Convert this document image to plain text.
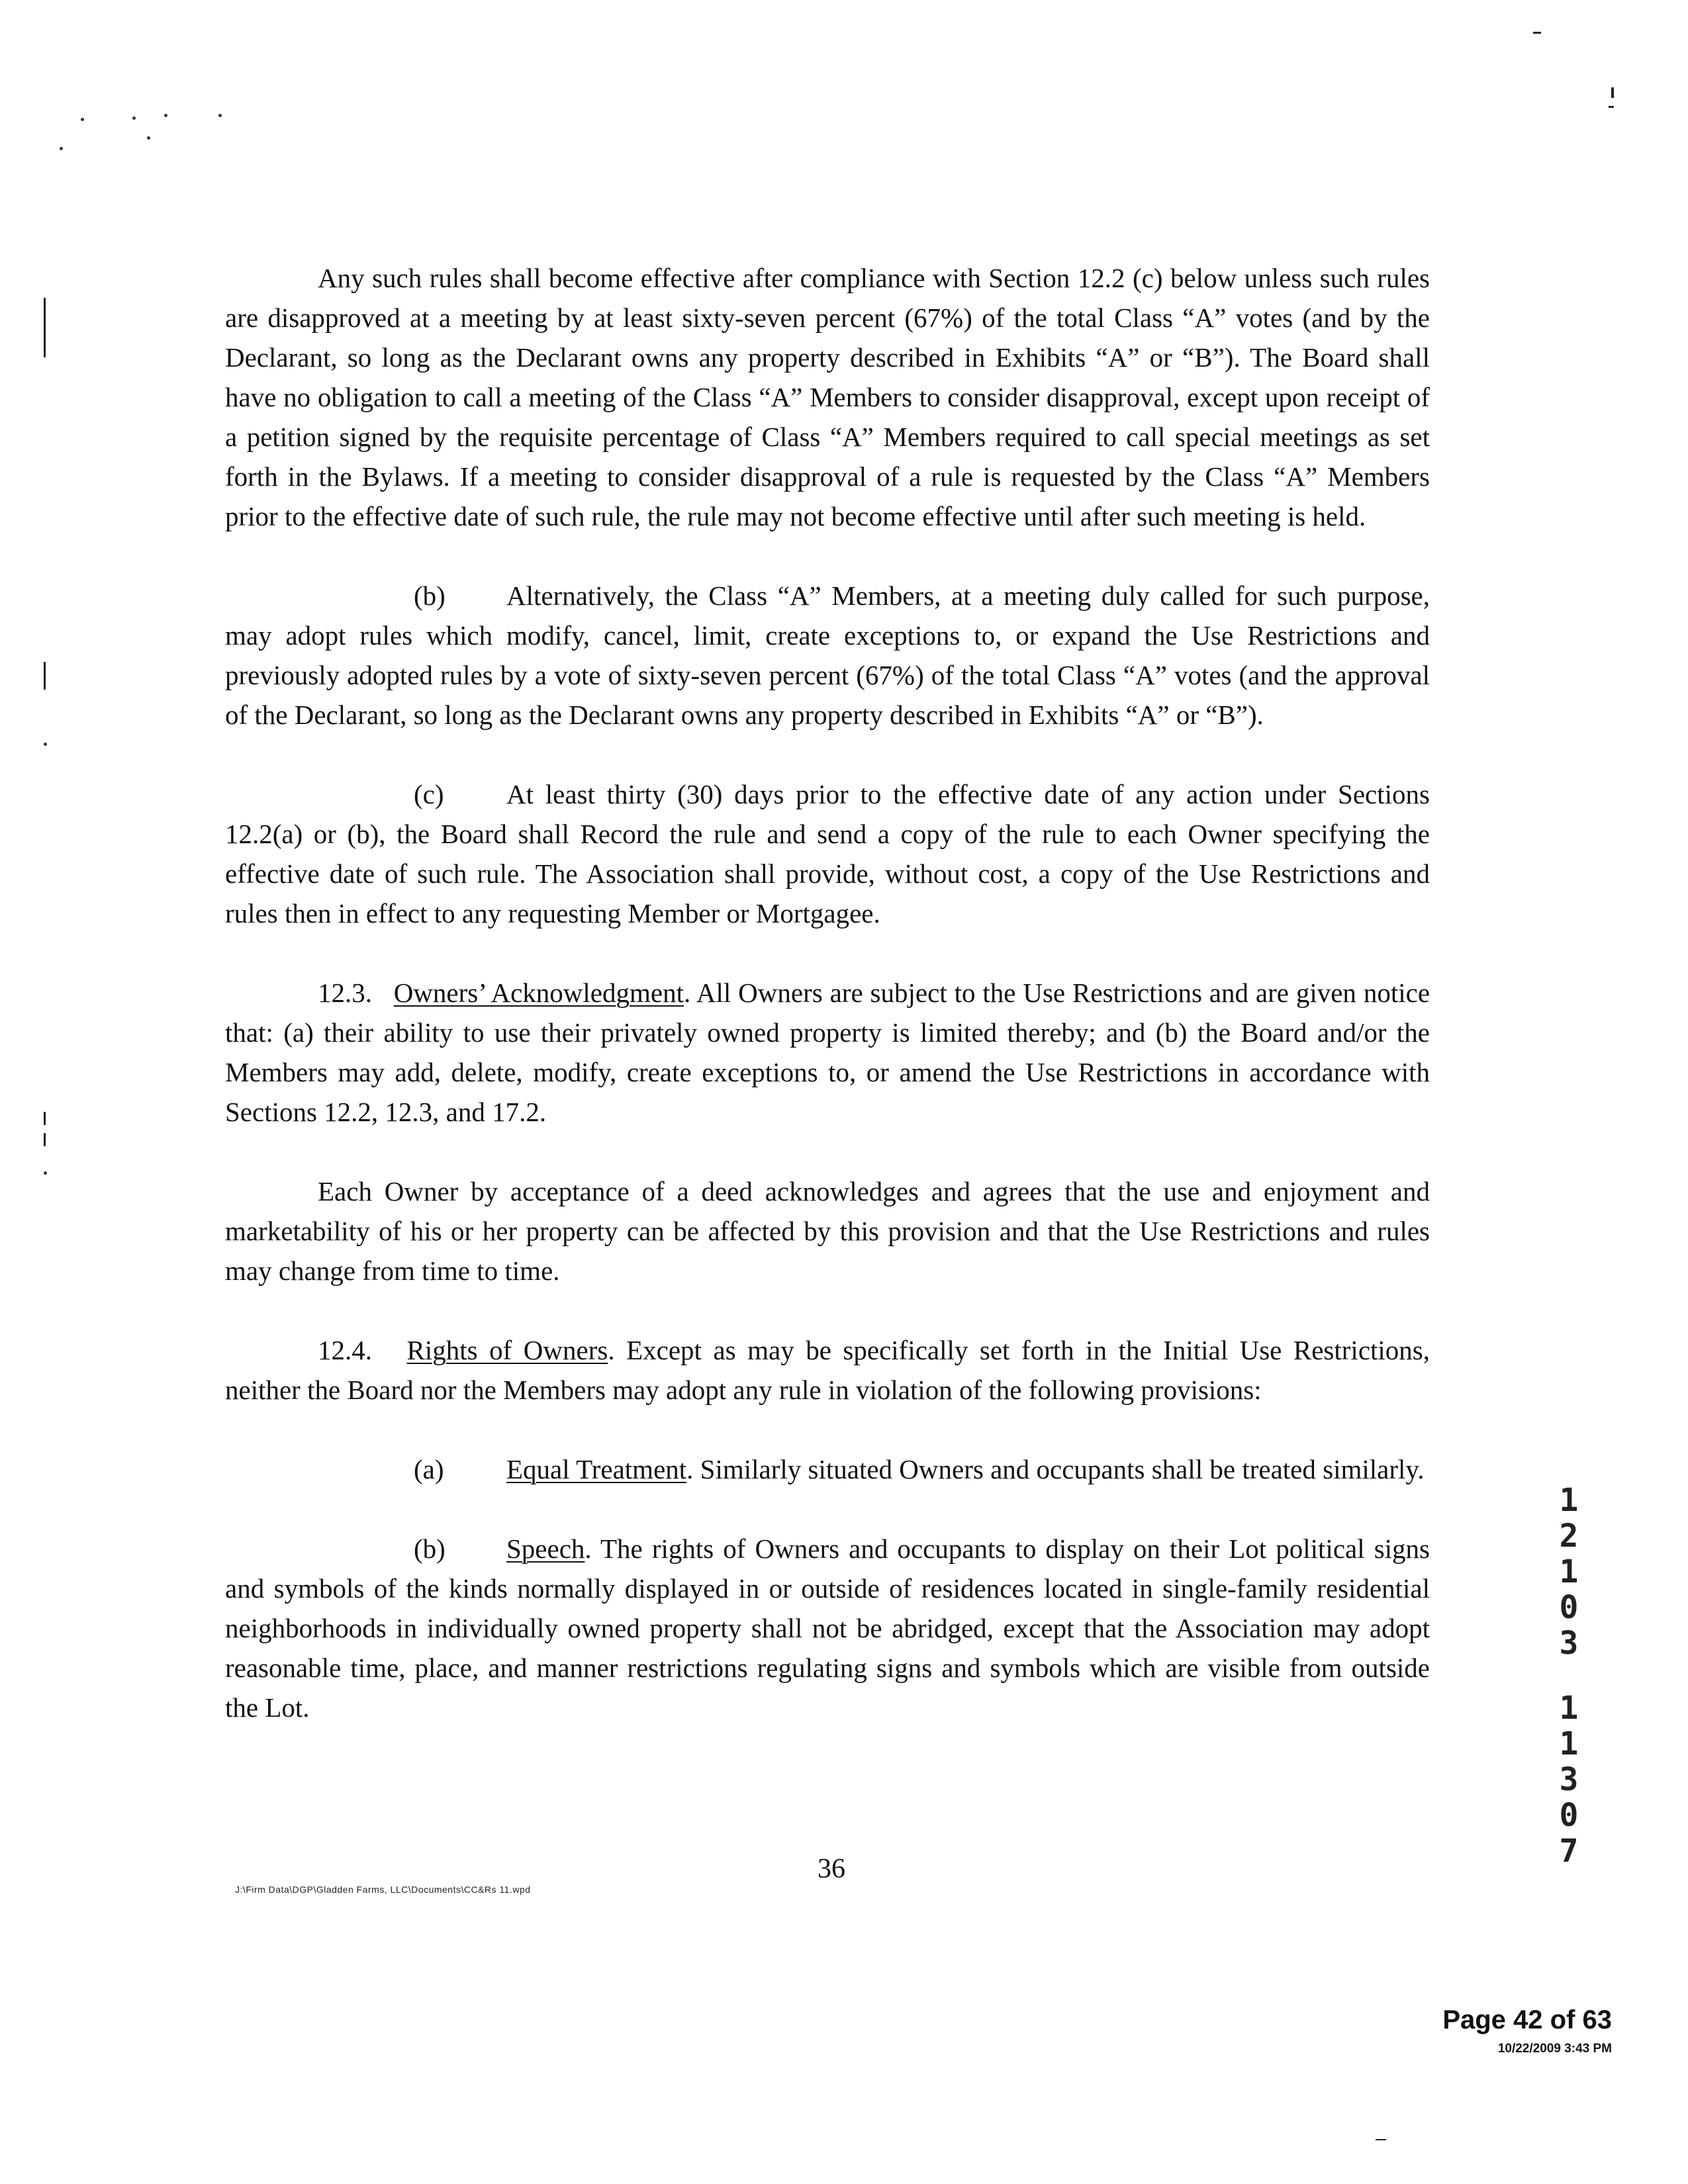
Any such rules shall become effective after compliance with Section 12.2 (c) below unless such rules are disapproved at a meeting by at least sixty-seven percent (67%) of the total Class “A” votes (and by the Declarant, so long as the Declarant owns any property described in Exhibits “A” or “B”). The Board shall have no obligation to call a meeting of the Class “A” Members to consider disapproval, except upon receipt of a petition signed by the requisite percentage of Class “A” Members required to call special meetings as set forth in the Bylaws. If a meeting to consider disapproval of a rule is requested by the Class “A” Members prior to the effective date of such rule, the rule may not become effective until after such meeting is held.

(b) Alternatively, the Class “A” Members, at a meeting duly called for such purpose, may adopt rules which modify, cancel, limit, create exceptions to, or expand the Use Restrictions and previously adopted rules by a vote of sixty-seven percent (67%) of the total Class “A” votes (and the approval of the Declarant, so long as the Declarant owns any property described in Exhibits “A” or “B”).

(c) At least thirty (30) days prior to the effective date of any action under Sections 12.2(a) or (b), the Board shall Record the rule and send a copy of the rule to each Owner specifying the effective date of such rule. The Association shall provide, without cost, a copy of the Use Restrictions and rules then in effect to any requesting Member or Mortgagee.

12.3. Owners’ Acknowledgment. All Owners are subject to the Use Restrictions and are given notice that: (a) their ability to use their privately owned property is limited thereby; and (b) the Board and/or the Members may add, delete, modify, create exceptions to, or amend the Use Restrictions in accordance with Sections 12.2, 12.3, and 17.2.

Each Owner by acceptance of a deed acknowledges and agrees that the use and enjoyment and marketability of his or her property can be affected by this provision and that the Use Restrictions and rules may change from time to time.

12.4. Rights of Owners. Except as may be specifically set forth in the Initial Use Restrictions, neither the Board nor the Members may adopt any rule in violation of the following provisions:

(a) Equal Treatment. Similarly situated Owners and occupants shall be treated similarly.

(b) Speech. The rights of Owners and occupants to display on their Lot political signs and symbols of the kinds normally displayed in or outside of residences located in single-family residential neighborhoods in individually owned property shall not be abridged, except that the Association may adopt reasonable time, place, and manner restrictions regulating signs and symbols which are visible from outside the Lot.

36
J:\Firm Data\DGP\Gladden Farms, LLC\Documents\CC&Rs 11.wpd
1
2
1
0
3
1
1
3
0
7
Page 42 of 63
10/22/2009 3:43 PM
